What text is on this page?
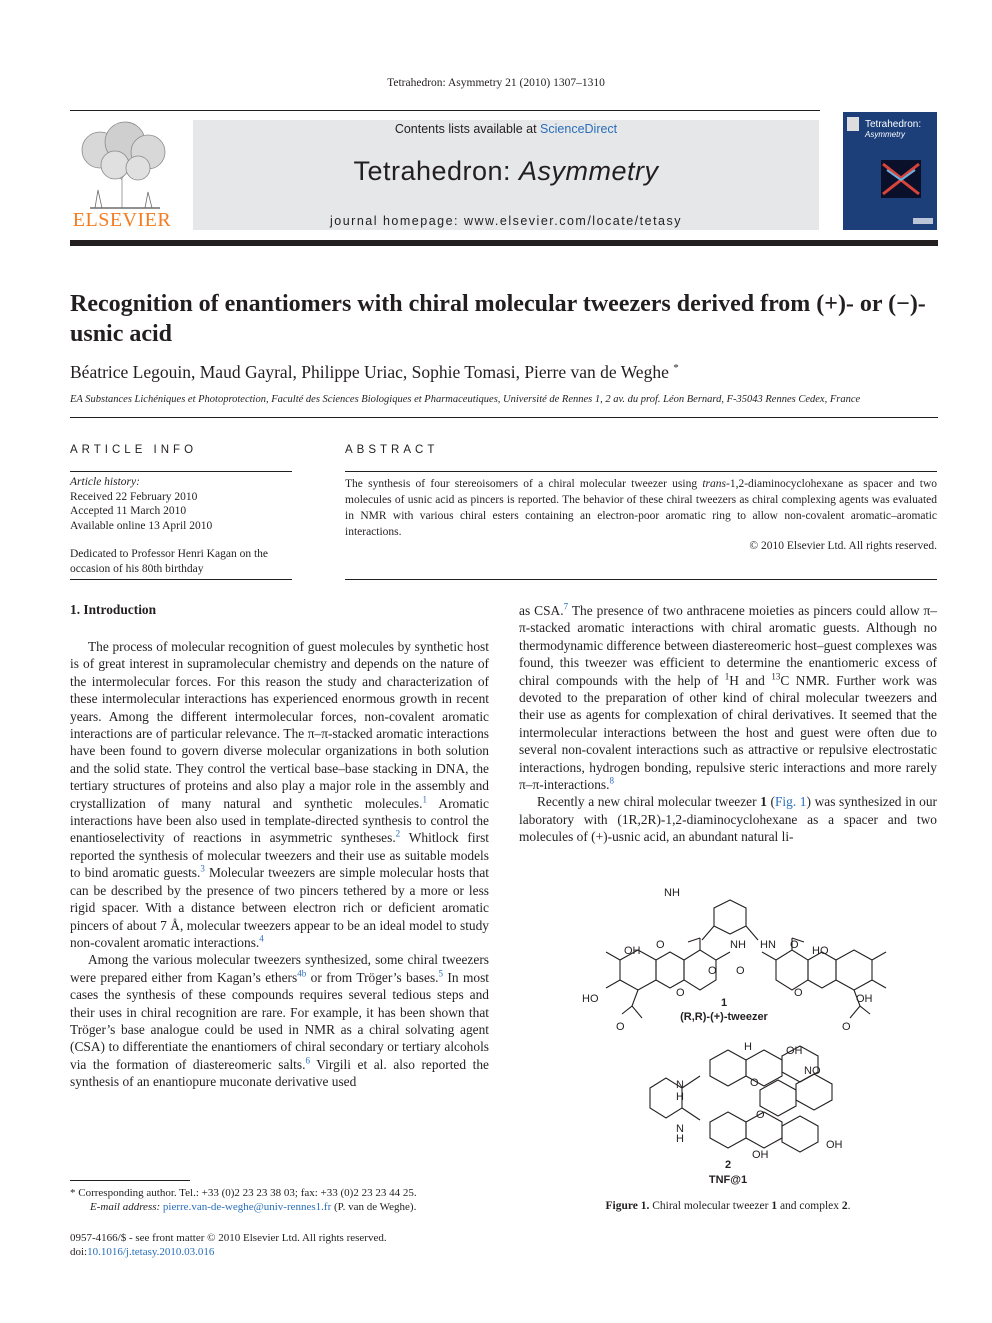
Tetrahedron: Asymmetry 21 (2010) 1307–1310
ELSEVIER
Contents lists available at ScienceDirect
Tetrahedron: Asymmetry
journal homepage: www.elsevier.com/locate/tetasy
Tetrahedron:
Asymmetry
Recognition of enantiomers with chiral molecular tweezers derived from (+)- or (−)-usnic acid
Béatrice Legouin, Maud Gayral, Philippe Uriac, Sophie Tomasi, Pierre van de Weghe *
EA Substances Lichéniques et Photoprotection, Faculté des Sciences Biologiques et Pharmaceutiques, Université de Rennes 1, 2 av. du prof. Léon Bernard, F-35043 Rennes Cedex, France
ARTICLE INFO
Article history:
Received 22 February 2010
Accepted 11 March 2010
Available online 13 April 2010
Dedicated to Professor Henri Kagan on the occasion of his 80th birthday
ABSTRACT
The synthesis of four stereoisomers of a chiral molecular tweezer using trans-1,2-diaminocyclohexane as spacer and two molecules of usnic acid as pincers is reported. The behavior of these chiral tweezers as chiral complexing agents was evaluated in NMR with various chiral esters containing an electron-poor aromatic ring to allow non-covalent aromatic–aromatic interactions.
© 2010 Elsevier Ltd. All rights reserved.
1. Introduction

The process of molecular recognition of guest molecules by synthetic host is of great interest in supramolecular chemistry and depends on the nature of the intermolecular forces. For this reason the study and characterization of these intermolecular interactions has experienced enormous growth in recent years. Among the different intermolecular forces, non-covalent aromatic interactions are of particular relevance. The π–π-stacked aromatic interactions have been found to govern diverse molecular organizations in both solution and the solid state. They control the vertical base–base stacking in DNA, the tertiary structures of proteins and also play a major role in the assembly and crystallization of many natural and synthetic molecules.$^1$ Aromatic interactions have been also used in template-directed synthesis to control the enantioselectivity of reactions in asymmetric syntheses.$^2$ Whitlock first reported the synthesis of molecular tweezers and their use as suitable models to bind aromatic guests.$^3$ Molecular tweezers are simple molecular hosts that can be described by the presence of two pincers tethered by a more or less rigid spacer. With a distance between electron rich or deficient aromatic pincers of about 7 Å, molecular tweezers appear to be an ideal model to study non-covalent aromatic interactions.$^4$

Among the various molecular tweezers synthesized, some chiral tweezers were prepared either from Kagan’s ethers$^{4b}$ or from Tröger’s bases.$^5$ In most cases the synthesis of these compounds requires several tedious steps and their uses in chiral recognition are rare. For example, it has been shown that Tröger’s base analogue could be used in NMR as a chiral solvating agent (CSA) to differentiate the enantiomers of chiral secondary or tertiary alcohols via the formation of diastereomeric salts.$^6$ Virgili et al. also reported the synthesis of an enantiopure muconate derivative used

as CSA.$^7$ The presence of two anthracene moieties as pincers could allow π–π-stacked aromatic interactions with chiral aromatic guests. Although no thermodynamic difference between diastereomeric host–guest complexes was found, this tweezer was efficient to determine the enantiomeric excess of chiral compounds with the help of $^1$H and $^{13}$C NMR. Further work was devoted to the preparation of other kind of chiral molecular tweezers and their use as agents for complexation of chiral derivatives. It seemed that the intermolecular interactions between the host and guest were often due to several non-covalent interactions such as attractive or repulsive electrostatic interactions, hydrogen bonding, repulsive steric interactions and more rarely π–π-interactions.$^8$

Recently a new chiral molecular tweezer 1 (Fig. 1) was synthesized in our laboratory with (1R,2R)-1,2-diaminocyclohexane as a spacer and two molecules of (+)-usnic acid, an abundant natural li-

NH
NH HN
OH	HO
HO	OH
O	O
O O
O	O
O	O
1
(R,R)-(+)-tweezer
H	OH
NO
O
N
H
N
H
O
OH
OH
2
TNF@1
Figure 1. Chiral molecular tweezer 1 and complex 2.
* Corresponding author. Tel.: +33 (0)2 23 23 38 03; fax: +33 (0)2 23 23 44 25.
E-mail address: pierre.van-de-weghe@univ-rennes1.fr (P. van de Weghe).
0957-4166/$ - see front matter © 2010 Elsevier Ltd. All rights reserved.
doi:10.1016/j.tetasy.2010.03.016
